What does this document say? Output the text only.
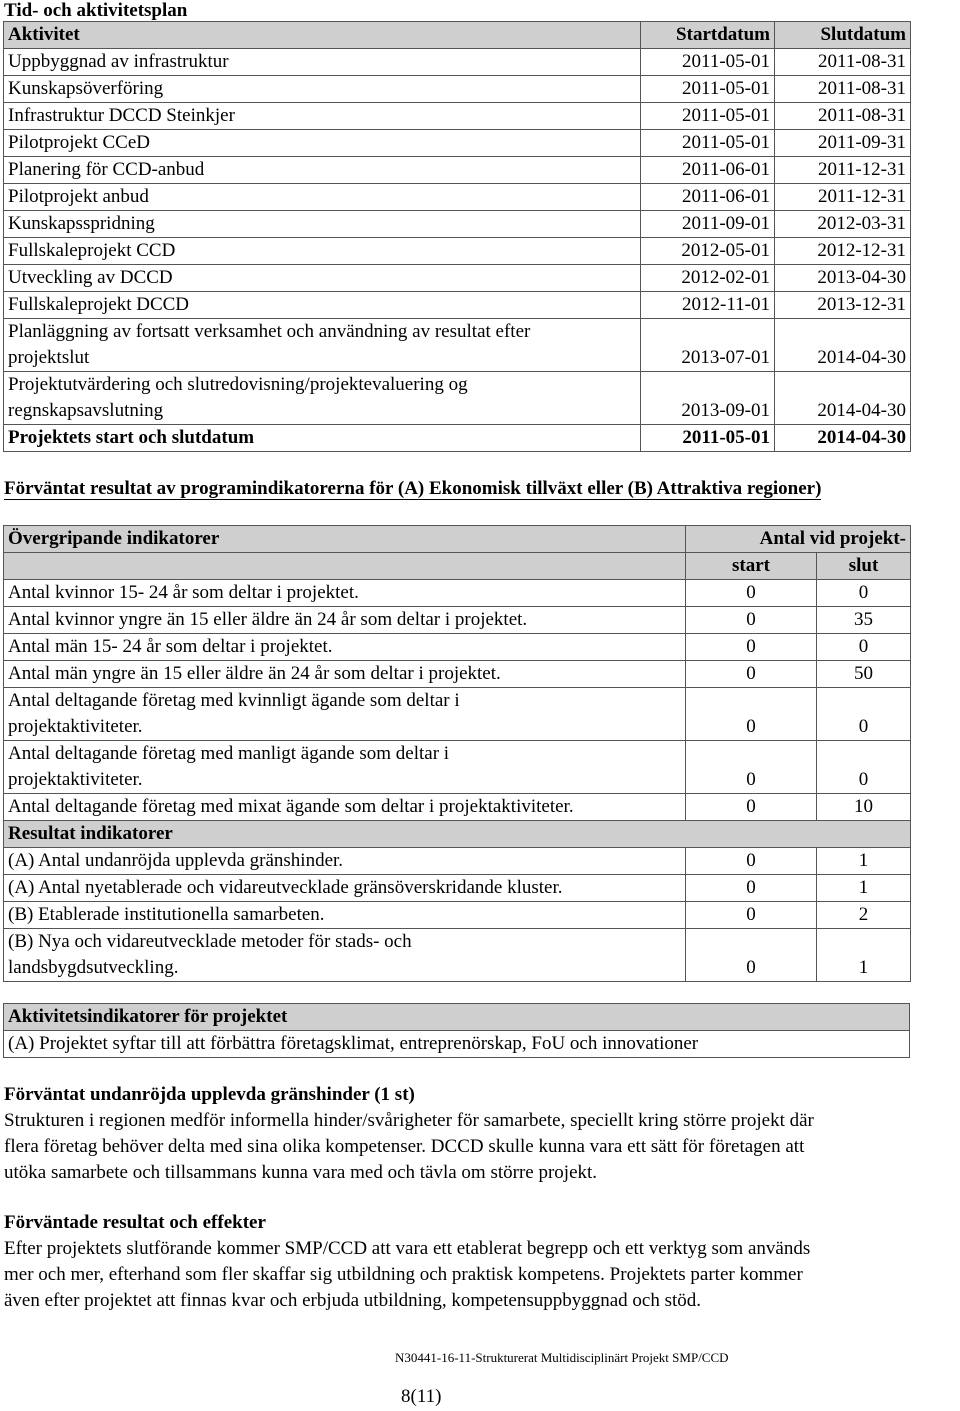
Tid- och aktivitetsplan
Aktivitet	Startdatum	Slutdatum
Uppbyggnad av infrastruktur	2011-05-01	2011-08-31
Kunskapsöverföring	2011-05-01	2011-08-31
Infrastruktur DCCD Steinkjer	2011-05-01	2011-08-31
Pilotprojekt CCeD	2011-05-01	2011-09-31
Planering för CCD-anbud	2011-06-01	2011-12-31
Pilotprojekt anbud	2011-06-01	2011-12-31
Kunskapsspridning	2011-09-01	2012-03-31
Fullskaleprojekt CCD	2012-05-01	2012-12-31
Utveckling av DCCD	2012-02-01	2013-04-30
Fullskaleprojekt DCCD	2012-11-01	2013-12-31

Planläggning av fortsatt verksamhet och användning av resultat efter
projektslut	2013-07-01	2014-04-30

Projektutvärdering och slutredovisning/projektevaluering og
regnskapsavslutning	2013-09-01	2014-04-30
Projektets start och slutdatum	2011-05-01	2014-04-30
Förväntat resultat av programindikatorerna för (A) Ekonomisk tillväxt eller (B) Attraktiva regioner)
Övergripande indikatorer	Antal vid projekt-	
	start	slut
Antal kvinnor 15- 24 år som deltar i projektet.	0	0
Antal kvinnor yngre än 15 eller äldre än 24 år som deltar i projektet.	0	35
Antal män 15- 24 år som deltar i projektet.	0	0
Antal män yngre än 15 eller äldre än 24 år som deltar i projektet.	0	50

Antal deltagande företag med kvinnligt ägande som deltar i
projektaktiviteter.	0	0

Antal deltagande företag med manligt ägande som deltar i
projektaktiviteter.	0	0
Antal deltagande företag med mixat ägande som deltar i projektaktiviteter.	0	10
Resultat indikatorer		
(A) Antal undanröjda upplevda gränshinder.	0	1
(A) Antal nyetablerade och vidareutvecklade gränsöverskridande kluster.	0	1
(B) Etablerade institutionella samarbeten.	0	2

(B) Nya och vidareutvecklade metoder för stads- och
landsbygdsutveckling.	0	1
Aktivitetsindikatorer för projektet
(A) Projektet syftar till att förbättra företagsklimat, entreprenörskap, FoU och innovationer
Förväntat undanröjda upplevda gränshinder (1 st)
Strukturen i regionen medför informella hinder/svårigheter för samarbete, speciellt kring större projekt där
flera företag behöver delta med sina olika kompetenser. DCCD skulle kunna vara ett sätt för företagen att
utöka samarbete och tillsammans kunna vara med och tävla om större projekt.
Förväntade resultat och effekter
Efter projektets slutförande kommer SMP/CCD att vara ett etablerat begrepp och ett verktyg som används
mer och mer, efterhand som fler skaffar sig utbildning och praktisk kompetens. Projektets parter kommer
även efter projektet att finnas kvar och erbjuda utbildning, kompetensuppbyggnad och stöd.
N30441-16-11-Strukturerat Multidisciplinärt Projekt SMP/CCD
8(11)
